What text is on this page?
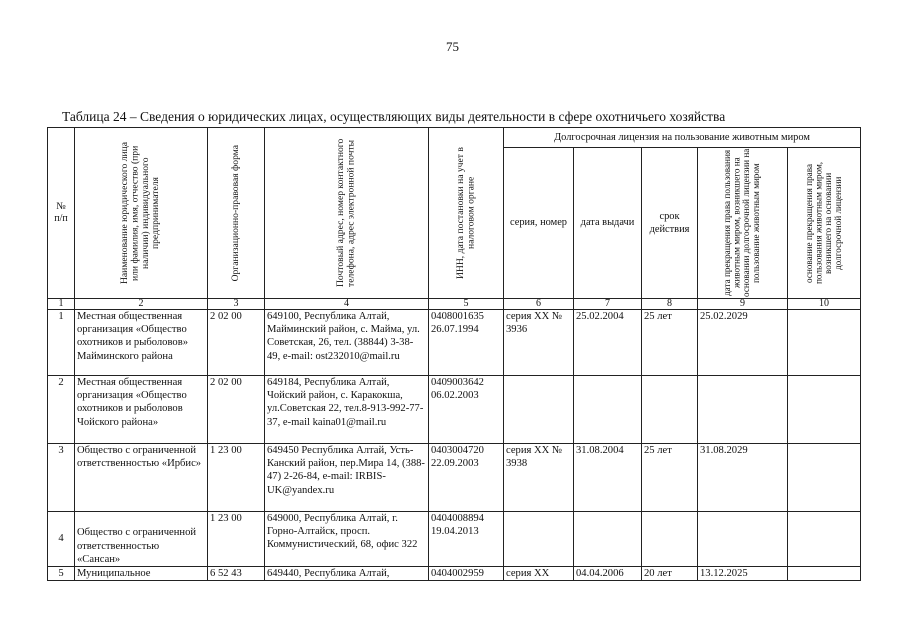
75
Таблица 24 – Сведения о юридических лицах, осуществляющих виды деятельности в сфере охотничьего хозяйства
№
п/п	Наименование юридического лица или фамилия, имя, отчество (при наличии) индивидуального предпринимателя	Организационно-правовая форма	Почтовый адрес, номер контактного телефона, адрес электронной почты	ИНН, дата постановки на учет в налоговом органе	Долгосрочная лицензия на пользование животным миром				
					серия, номер	дата выдачи	срок действия	дата прекращения права пользования животным миром, возникшего на основании долгосрочной лицензии на пользование животным миром	основание прекращения права пользования животным миром, возникшего на основании долгосрочной лицензии

1	2	3	4	5	6	7	8	9	10
1	Местная общественная организация «Общество охотников и рыболовов» Майминского района	2 02 00	649100, Республика Алтай, Майминский район, с. Майма, ул. Советская, 26, тел. (38844) 3-38-49, e-mail: ost232010@mail.ru	0408001635 26.07.1994	серия ХХ № 3936	25.02.2004	25 лет	25.02.2029	
2	Местная общественная организация «Общество охотников и рыболовов Чойского района»	2 02 00	649184, Республика Алтай, Чойский район, с. Каракокша, ул.Советская 22, тел.8-913-992-77-37, e-mail kaina01@mail.ru	0409003642 06.02.2003					
3	Общество с ограниченной ответственностью «Ирбис»	1 23 00	649450 Республика Алтай, Усть-Канский район, пер.Мира 14, (388-47) 2-26-84, e-mail: IRBIS-UK@yandex.ru	0403004720 22.09.2003	серия ХХ № 3938	31.08.2004	25 лет	31.08.2029	
4	Общество с ограниченной ответственностью «Сансан»	1 23 00	649000, Республика Алтай, г. Горно-Алтайск, просп. Коммунистический, 68, офис 322	0404008894 19.04.2013					
5	Муниципальное	6 52 43	649440, Республика Алтай,	0404002959	серия ХХ	04.04.2006	20 лет	13.12.2025	
